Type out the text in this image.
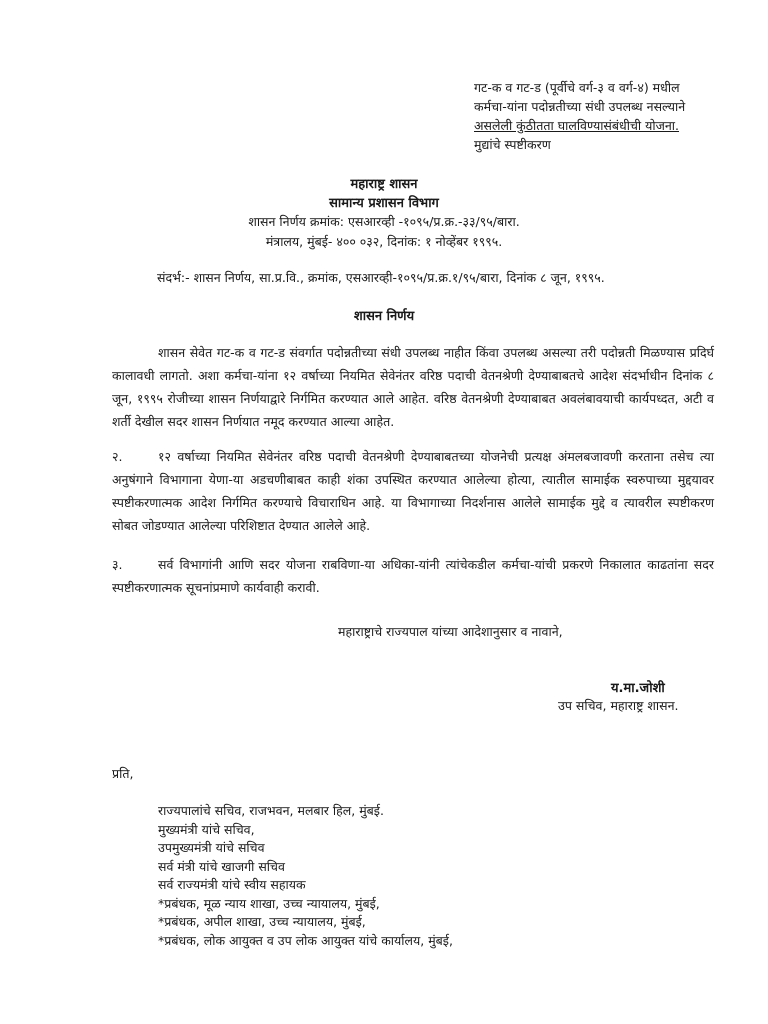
गट-क व गट-ड (पूर्वीचे वर्ग-३ व वर्ग-४) मधील
कर्मचा-यांना पदोन्नतीच्या संधी उपलब्ध नसल्याने
असलेली कुंठीतता घालविण्यासंबंधीची योजना.
मुद्यांचे स्पष्टीकरण
महाराष्ट्र शासन
सामान्य प्रशासन विभाग
शासन निर्णय क्रमांक: एसआरव्ही -१०९५/प्र.क्र.-३३/९५/बारा.
मंत्रालय, मुंबई- ४०० ०३२, दिनांक: १ नोव्हेंबर १९९५.
संदर्भ:- शासन निर्णय, सा.प्र.वि., क्रमांक, एसआरव्ही-१०९५/प्र.क्र.१/९५/बारा, दिनांक ८ जून, १९९५.
शासन निर्णय
शासन सेवेत गट-क व गट-ड संवर्गात पदोन्नतीच्या संधी उपलब्ध नाहीत किंवा उपलब्ध असल्या तरी पदोन्नती मिळण्यास प्रदिर्घ कालावधी लागतो. अशा कर्मचा-यांना १२ वर्षाच्या नियमित सेवेनंतर वरिष्ठ पदाची वेतनश्रेणी देण्याबाबतचे आदेश संदर्भाधीन दिनांक ८ जून, १९९५ रोजीच्या शासन निर्णयाद्वारे निर्गमित करण्यात आले आहेत. वरिष्ठ वेतनश्रेणी देण्याबाबत अवलंबावयाची कार्यपध्दत, अटी व शर्ती देखील सदर शासन निर्णयात नमूद करण्यात आल्या आहेत.
२.	१२ वर्षाच्या नियमित सेवेनंतर वरिष्ठ पदाची वेतनश्रेणी देण्याबाबतच्या योजनेची प्रत्यक्ष अंमलबजावणी करताना तसेच त्या अनुषंगाने विभागाना येणा-या अडचणीबाबत काही शंका उपस्थित करण्यात आलेल्या होत्या, त्यातील सामाईक स्वरुपाच्या मुद्दयावर स्पष्टीकरणात्मक आदेश निर्गमित करण्याचे विचाराधिन आहे. या विभागाच्या निदर्शनास आलेले सामाईक मुद्दे व त्यावरील स्पष्टीकरण सोबत जोडण्यात आलेल्या परिशिष्टात देण्यात आलेले आहे.
३.	सर्व विभागांनी आणि सदर योजना राबविणा-या अधिका-यांनी त्यांचेकडील कर्मचा-यांची प्रकरणे निकालात काढतांना सदर स्पष्टीकरणात्मक सूचनांप्रमाणे कार्यवाही करावी.
महाराष्ट्राचे राज्यपाल यांच्या आदेशानुसार व नावाने,
य.मा.जोशी
उप सचिव, महाराष्ट्र शासन.
प्रति,
राज्यपालांचे सचिव, राजभवन, मलबार हिल, मुंबई.
मुख्यमंत्री यांचे सचिव,
उपमुख्यमंत्री यांचे सचिव
सर्व मंत्री यांचे खाजगी सचिव
सर्व राज्यमंत्री यांचे स्वीय सहायक
*प्रबंधक, मूळ न्याय शाखा, उच्च न्यायालय, मुंबई,
*प्रबंधक, अपील शाखा, उच्च न्यायालय, मुंबई,
*प्रबंधक, लोक आयुक्त व उप लोक आयुक्त यांचे कार्यालय, मुंबई,
